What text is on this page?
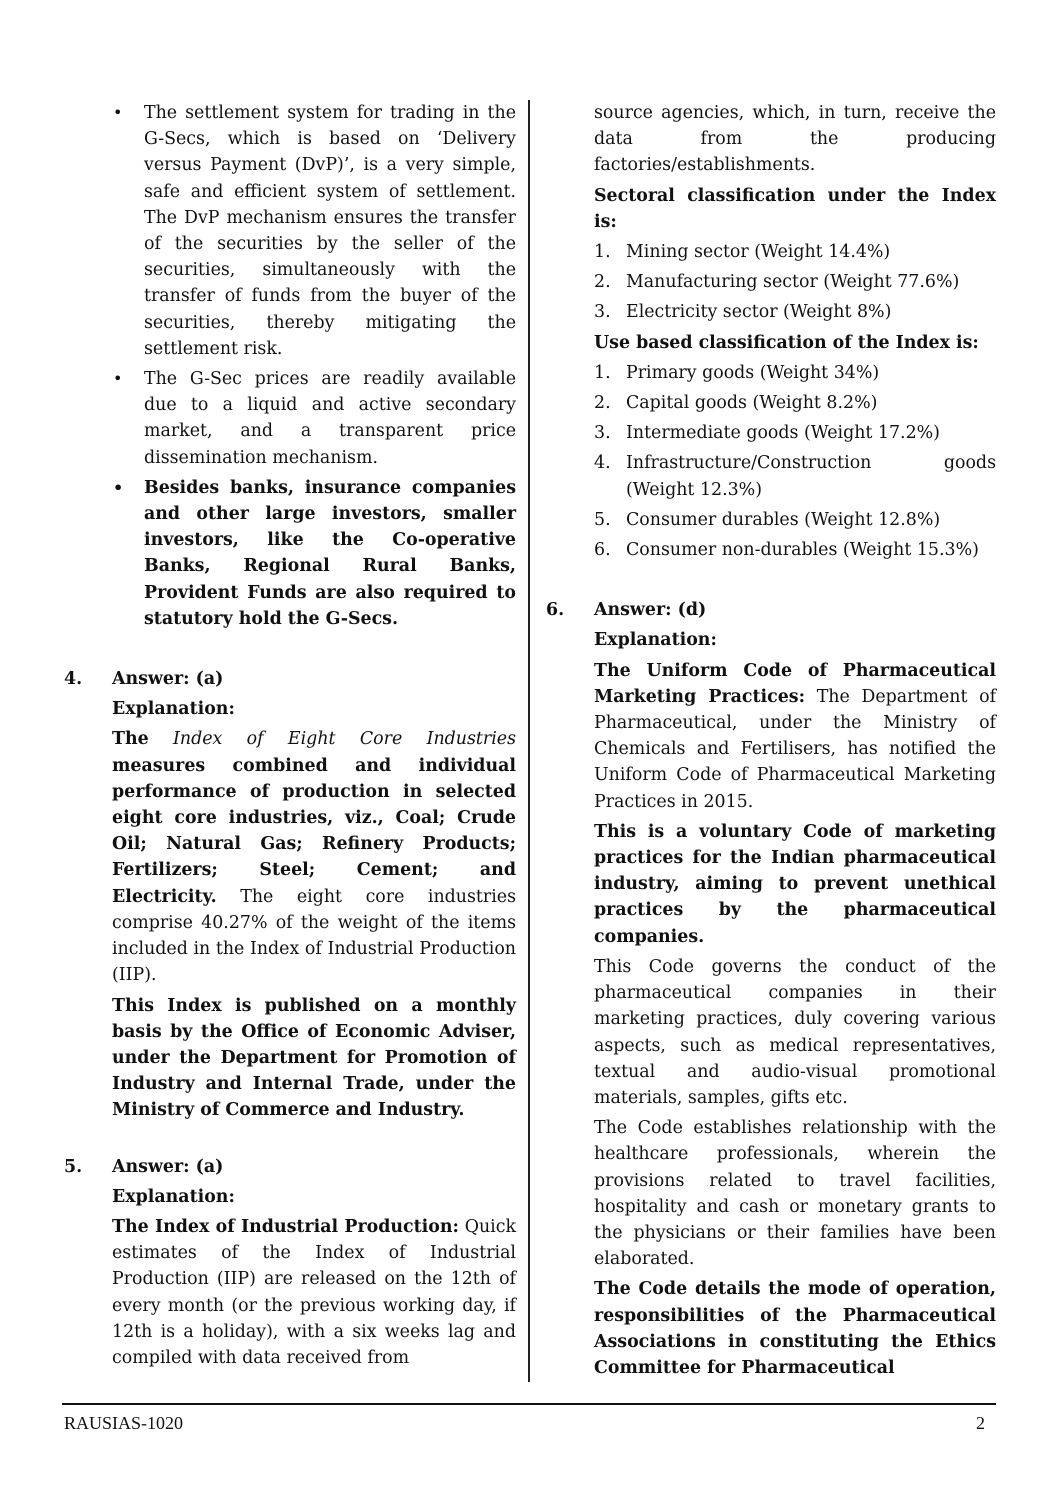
• The settlement system for trading in the G-Secs, which is based on ‘Delivery versus Payment (DvP)’, is a very simple, safe and efficient system of settlement. The DvP mechanism ensures the transfer of the securities by the seller of the securities, simultaneously with the transfer of funds from the buyer of the securities, thereby mitigating the settlement risk.
• The G-Sec prices are readily available due to a liquid and active secondary market, and a transparent price dissemination mechanism.
• Besides banks, insurance companies and other large investors, smaller investors, like the Co-operative Banks, Regional Rural Banks, Provident Funds are also required to statutory hold the G-Secs.
4. Answer: (a)

Explanation:

The Index of Eight Core Industries measures combined and individual performance of production in selected eight core industries, viz., Coal; Crude Oil; Natural Gas; Refinery Products; Fertilizers; Steel; Cement; and Electricity. The eight core industries comprise 40.27% of the weight of the items included in the Index of Industrial Production (IIP).

This Index is published on a monthly basis by the Office of Economic Adviser, under the Department for Promotion of Industry and Internal Trade, under the Ministry of Commerce and Industry.

5. Answer: (a)

Explanation:

The Index of Industrial Production: Quick estimates of the Index of Industrial Production (IIP) are released on the 12th of every month (or the previous working day, if 12th is a holiday), with a six weeks lag and compiled with data received from

source agencies, which, in turn, receive the data from the producing factories/establishments.

Sectoral classification under the Index is:

1. Mining sector (Weight 14.4%)
2. Manufacturing sector (Weight 77.6%)
3. Electricity sector (Weight 8%)

Use based classification of the Index is:

1. Primary goods (Weight 34%)
2. Capital goods (Weight 8.2%)
3. Intermediate goods (Weight 17.2%)
4. Infrastructure/Construction	goods
(Weight 12.3%)
5. Consumer durables (Weight 12.8%)
6. Consumer non-durables (Weight 15.3%)
6. Answer: (d)

Explanation:

The Uniform Code of Pharmaceutical Marketing Practices: The Department of Pharmaceutical, under the Ministry of Chemicals and Fertilisers, has notified the Uniform Code of Pharmaceutical Marketing Practices in 2015.

This is a voluntary Code of marketing practices for the Indian pharmaceutical industry, aiming to prevent unethical practices by the pharmaceutical companies.

This Code governs the conduct of the pharmaceutical companies in their marketing practices, duly covering various aspects, such as medical representatives, textual and audio-visual promotional materials, samples, gifts etc.

The Code establishes relationship with the healthcare professionals, wherein the provisions related to travel facilities, hospitality and cash or monetary grants to the physicians or their families have been elaborated.

The Code details the mode of operation, responsibilities of the Pharmaceutical Associations in constituting the Ethics Committee for Pharmaceutical

RAUSIAS-1020	2
